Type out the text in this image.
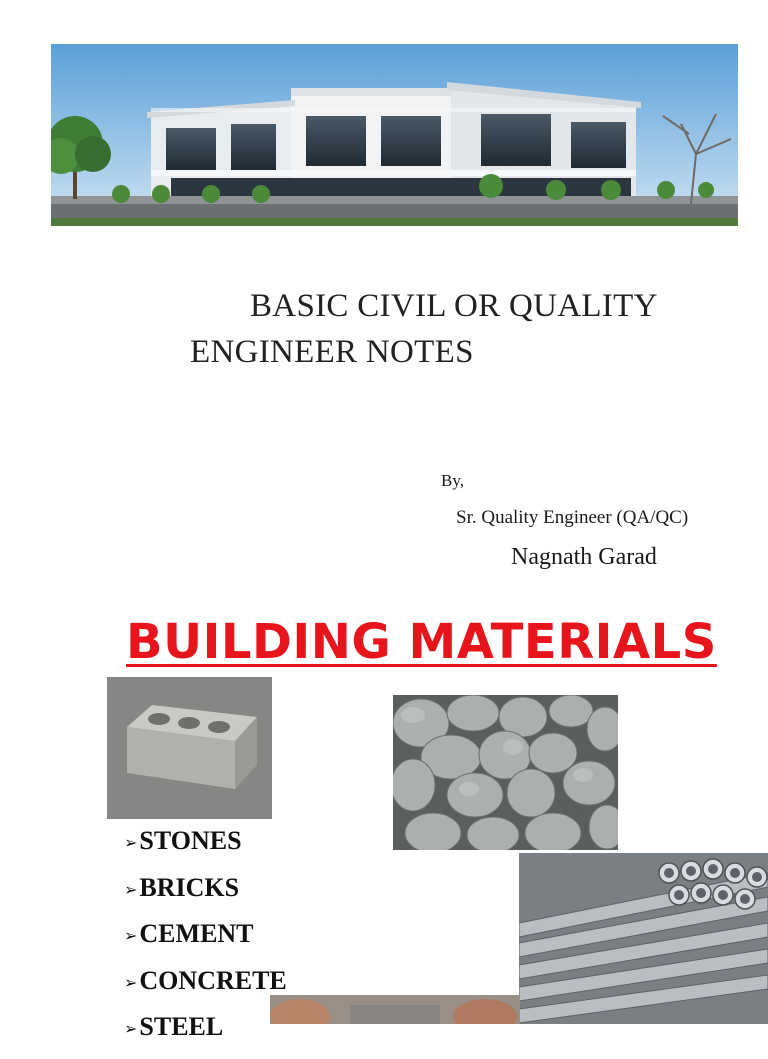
BASIC CIVIL OR QUALITY
ENGINEER NOTES
By,
Sr. Quality Engineer (QA/QC)
Nagnath Garad
BUILDING MATERIALS
➢STONES
➢BRICKS
➢CEMENT
➢CONCRETE
➢STEEL
